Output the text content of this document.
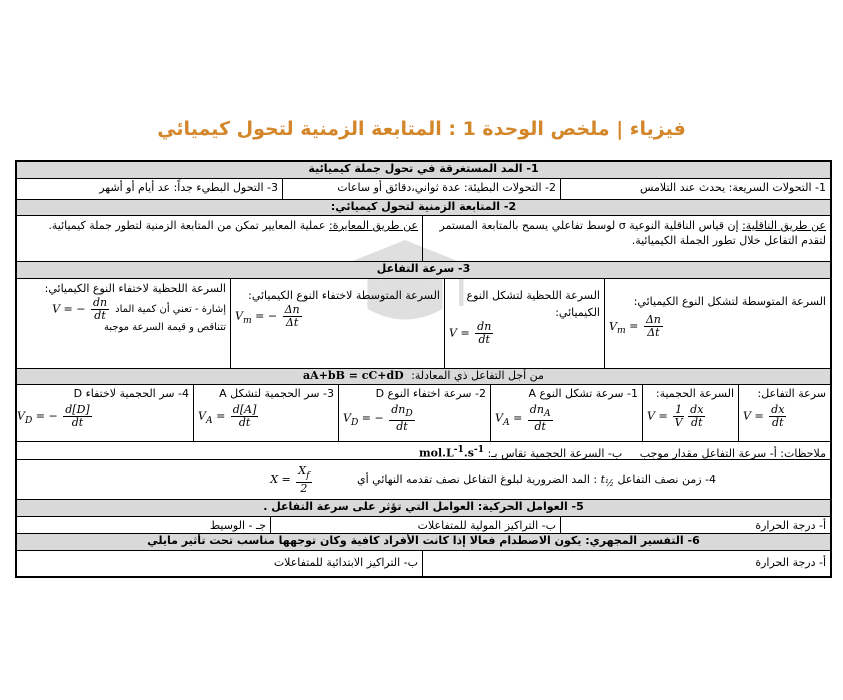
فيزياء | ملخص الوحدة 1 : المتابعة الزمنية لتحول كيميائي
1- المد المستغرقة في تحول جملة كيميائية
1- التحولات السريعة: يحدث عند التلامس
2- التحولات البطيئة: عدة ثواني،دقائق أو ساعات
3- التحول البطيء جداً: عد أيام أو أشهر
2- المتابعة الزمنية لتحول كيميائي:
عن طريق الناقلية: إن قياس الناقلية النوعية σ لوسط تفاعلي يسمح بالمتابعة المستمر لتقدم التفاعل خلال تطور الجملة الكيميائية.
عن طريق المعايرة: عملية المعايير تمكن من المتابعة الزمنية لتطور جملة كيميائية.
3- سرعة التفاعل
السرعة المتوسطة لتشكل النوع الكيميائي:
$V_m = \frac{\Delta n}{\Delta t}$
السرعة اللحظية لتشكل النوع الكيميائي:
$V = \frac{dn}{dt}$
السرعة المتوسطة لاختفاء النوع الكيميائي:
$V_m$ = − $\frac{\Delta n}{\Delta t}$
السرعة اللحظية لاختفاء النوع الكيميائي:
إشارة - تعني أن كمية الماد
V = − $\frac{dn}{dt}$
تتناقص و قيمة السرعة موجبة
من أجل التفاعل ذي المعادلة: aA+bB = cC+dD
سرعة التفاعل:
$V = \frac{dx}{dt}$
السرعة الحجمية:
$V = \frac{1}{V} \frac{dx}{dt}$
1- سرعة تشكل النوع A
$V_A = \frac{dn_A}{dt}$
2- سرعة اختفاء النوع D
$V_D$ = − $\frac{dn_D}{dt}$
3- سر الحجمية لتشكل A
$V_A = \frac{d[A]}{dt}$
4- سر الحجمية لاختفاء D
$V_D$ = − $\frac{d[D]}{dt}$
ملاحظات: أ- سرعة التفاعل مقدار موجب     ب- السرعة الحجمية تقاس بـ: $mol.L^{-1}.s^{-1}$
4- زمن نصف التفاعل $t_{\frac{1}{2}}$ : المد الضرورية لبلوغ التفاعل نصف تقدمه النهائي أي $X = \frac{X_f}{2}$
5- العوامل الحركية: العوامل التي تؤثر على سرعة التفاعل .
أ- درجة الحرارة
ب- التراكيز المولية للمتفاعلات
جـ - الوسيط
6- التفسير المجهري: يكون الاصطدام فعالا إذا كانت الأفراد كافية وكان توجهها مناسب تحت تأثير مايلي
أ- درجة الحرارة
ب- التراكيز الابتدائية للمتفاعلات
